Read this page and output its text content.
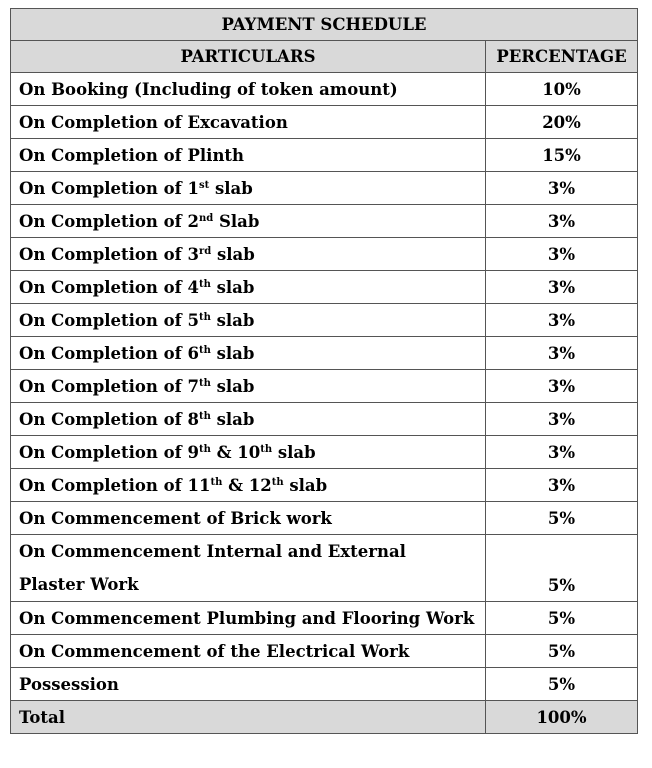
PAYMENT SCHEDULE	
PARTICULARS	PERCENTAGE
On Booking (Including of token amount)	10%
On Completion of Excavation	20%
On Completion of Plinth	15%
On Completion of 1st slab	3%
On Completion of 2nd Slab	3%
On Completion of 3rd slab	3%
On Completion of 4th slab	3%
On Completion of 5th slab	3%
On Completion of 6th slab	3%
On Completion of 7th slab	3%
On Completion of 8th slab	3%
On Completion of 9th & 10th slab	3%
On Completion of 11th & 12th slab	3%
On Commencement of Brick work	5%
On Commencement Internal and External Plaster Work	5%
On Commencement Plumbing and Flooring Work	5%
On Commencement of the Electrical Work	5%
Possession	5%
Total	100%
